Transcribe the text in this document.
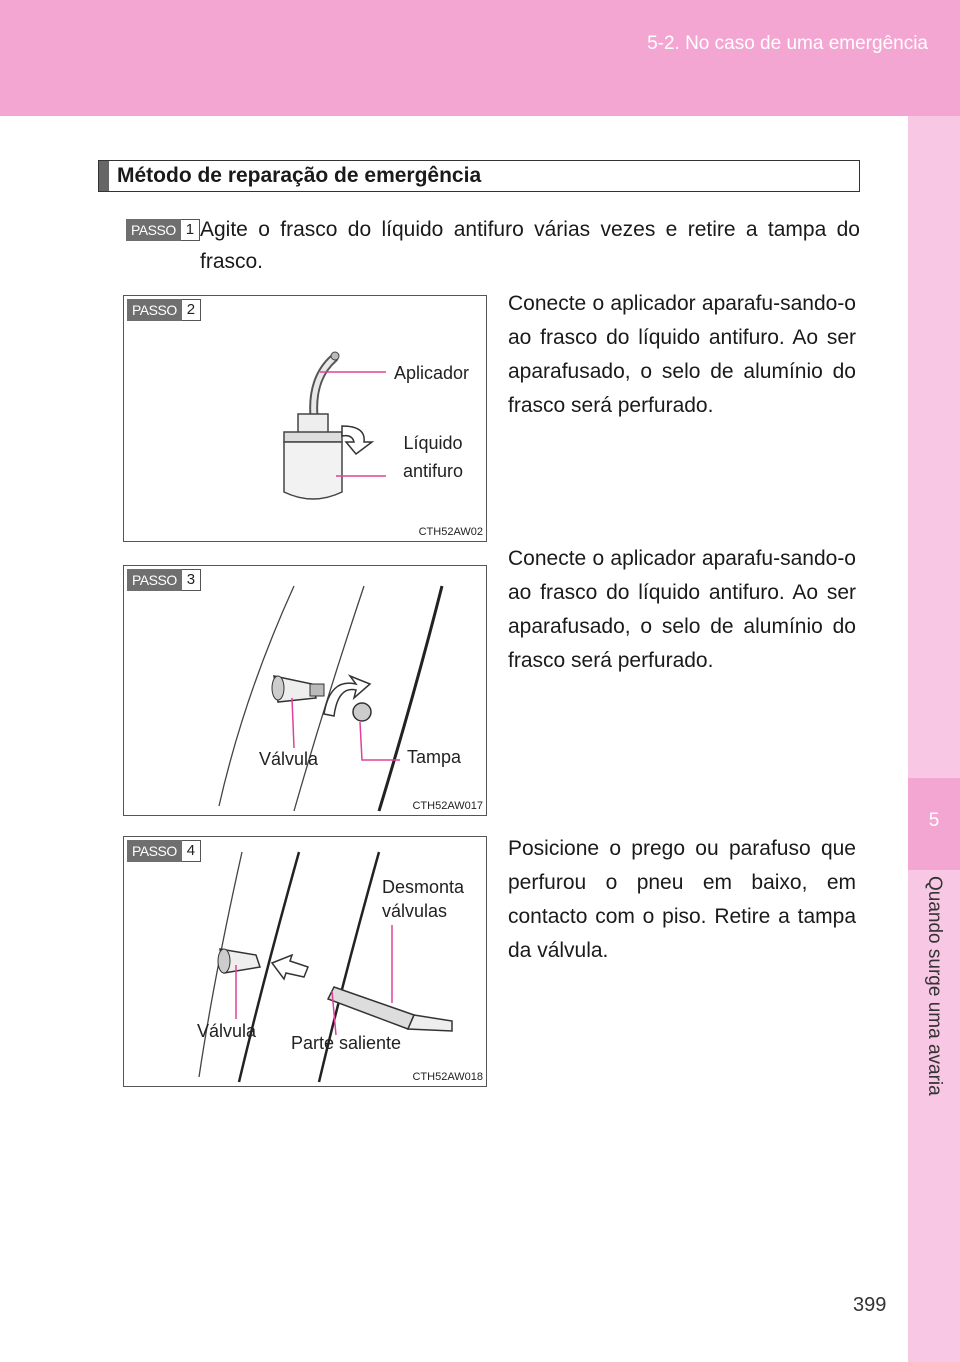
5-2. No caso de uma emergência
5
Quando surge uma avaria
Método de reparação de emergência
PASSO 1 Agite o frasco do líquido antifuro várias vezes e retire a tampa do frasco.
PASSO 2
Aplicador
Líquido
antifuro
CTH52AW02
Conecte o aplicador aparafu-sando-o ao frasco do líquido antifuro. Ao ser aparafusado, o selo de alumínio do frasco será perfurado.
PASSO 3
Válvula	Tampa
CTH52AW017
Conecte o aplicador aparafu-sando-o ao frasco do líquido antifuro. Ao ser aparafusado, o selo de alumínio do frasco será perfurado.
PASSO 4
Desmonta
válvulas
Válvula
Parte saliente
CTH52AW018
Posicione o prego ou parafuso que perfurou o pneu em baixo, em contacto com o piso. Retire a tampa da válvula.
399
